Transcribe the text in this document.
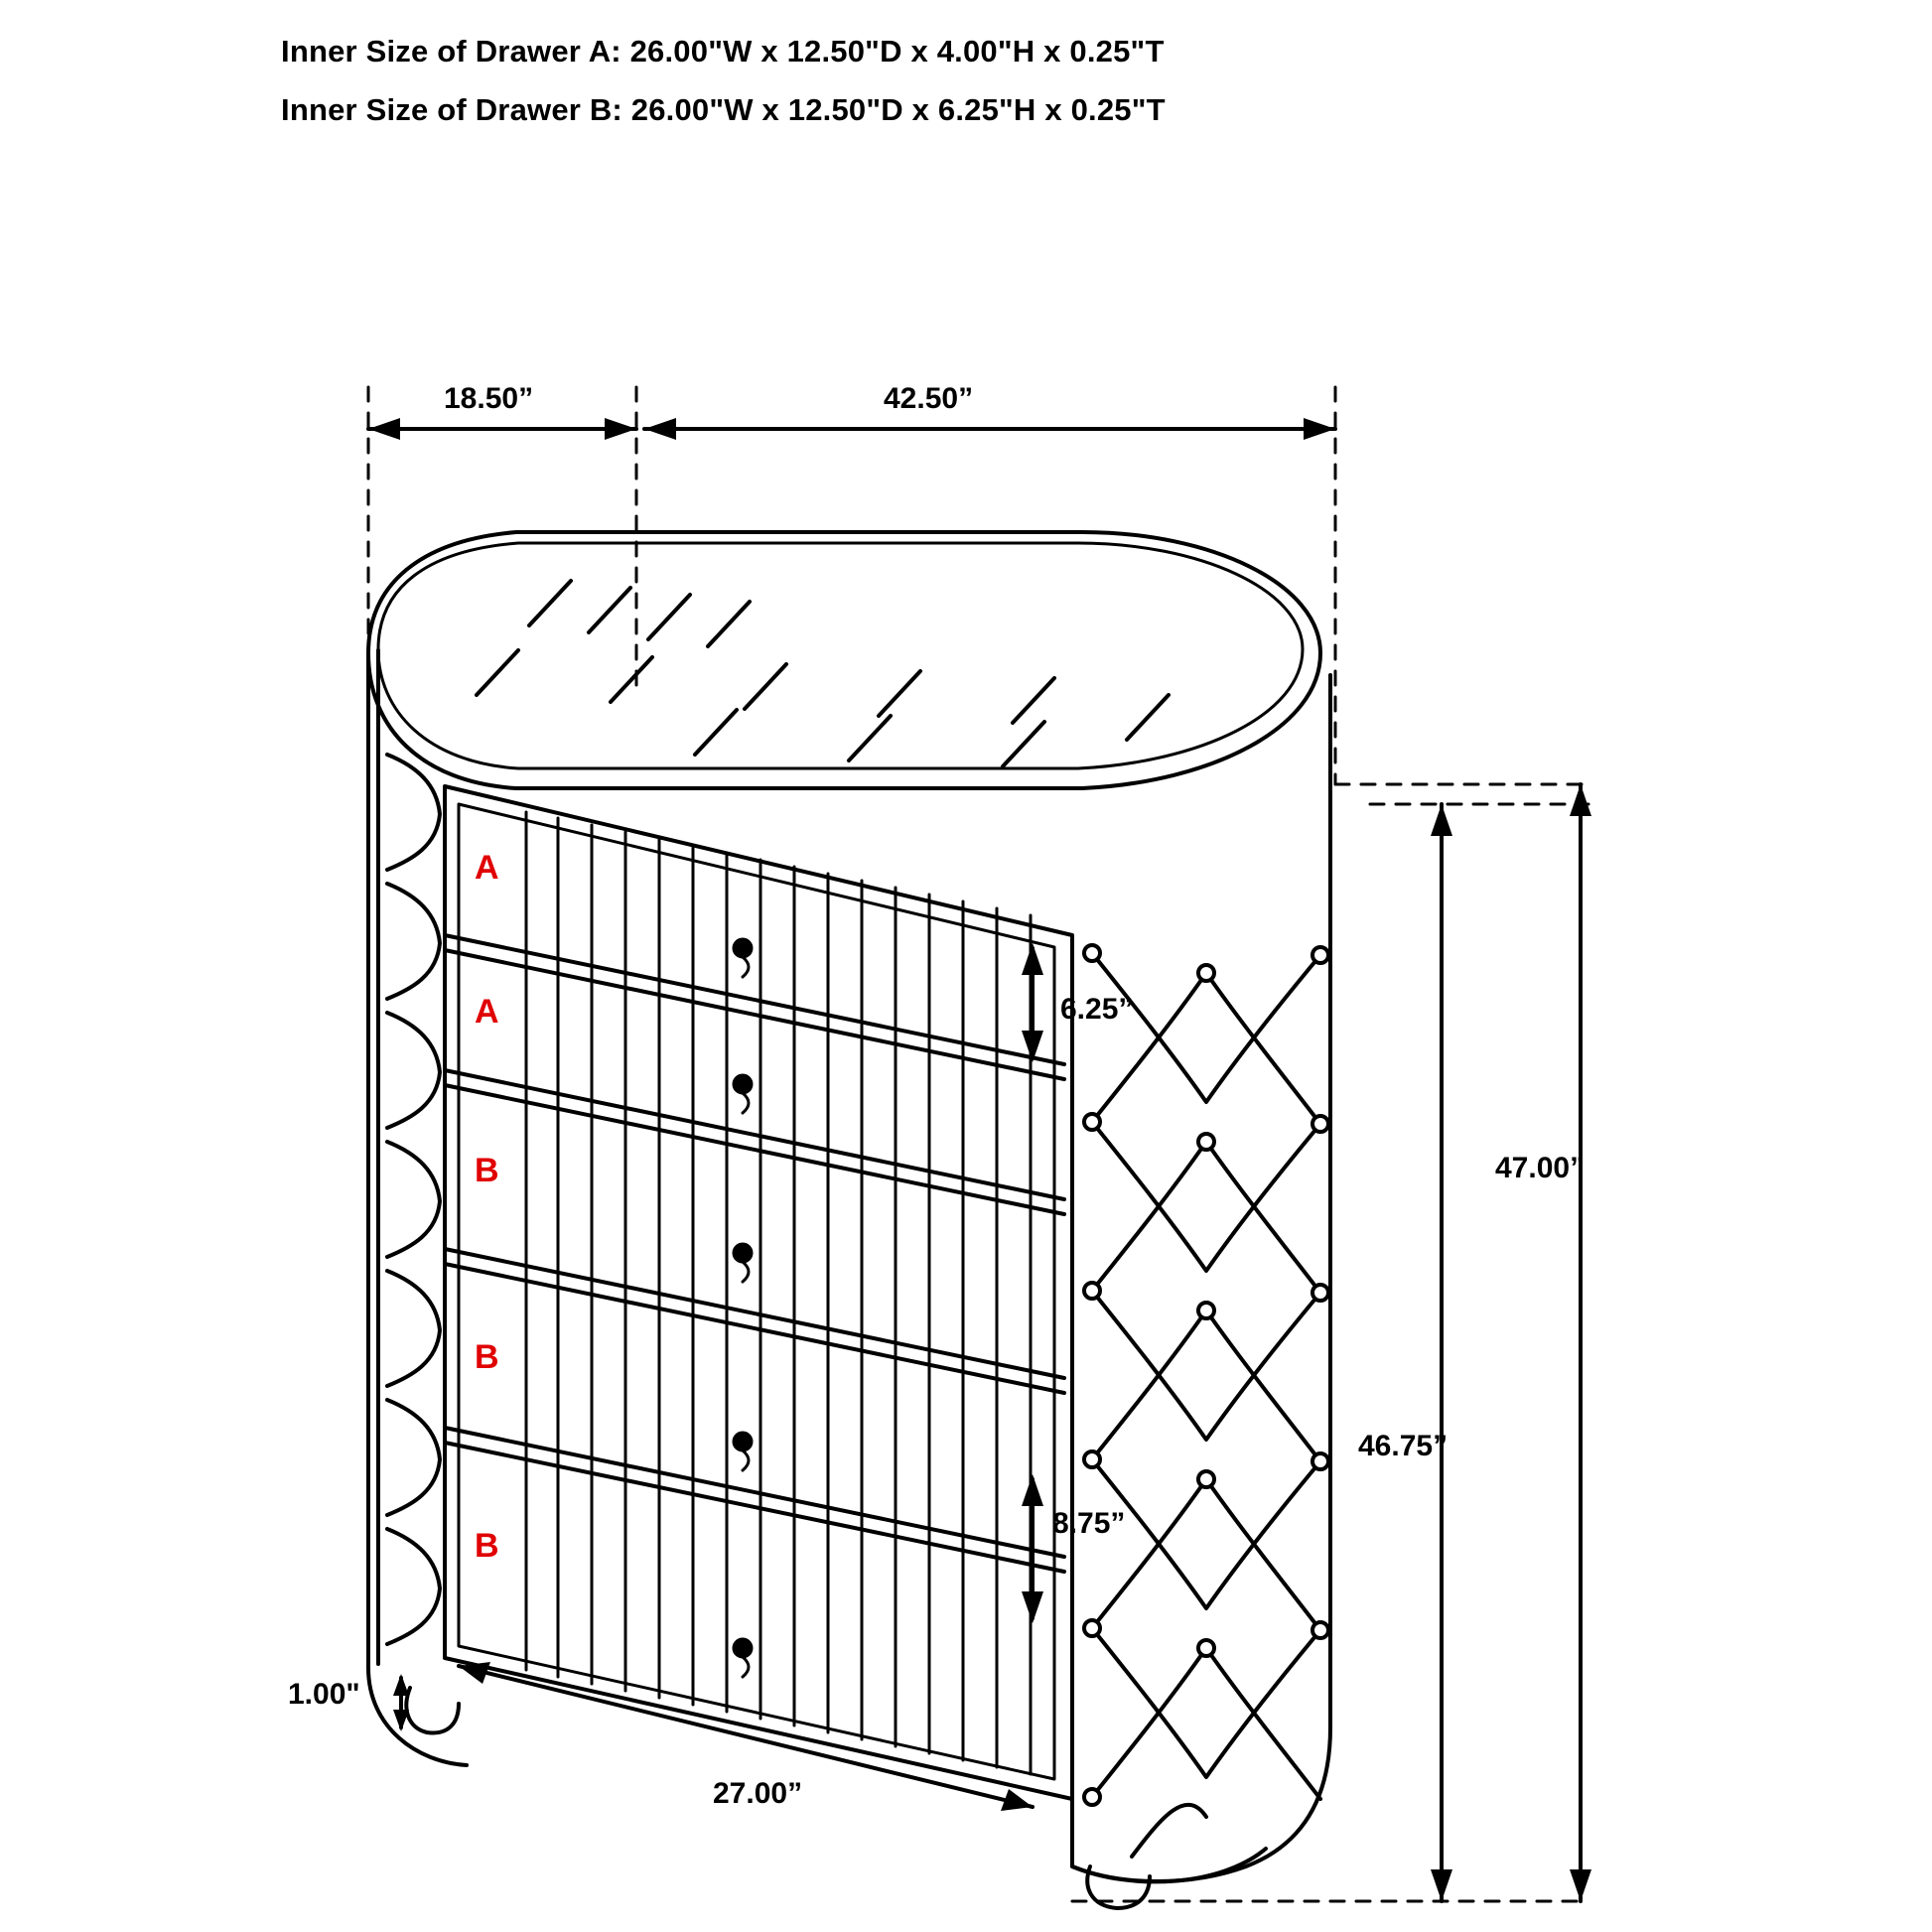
Inner Size of Drawer A: 26.00"W x 12.50"D x 4.00"H x 0.25"T
Inner Size of Drawer B: 26.00"W x 12.50"D x 6.25"H x 0.25"T
18.50”	42.50”
6.25”
8.75”
47.00”
46.75”
1.00"
27.00”
A
A
B
B
B
